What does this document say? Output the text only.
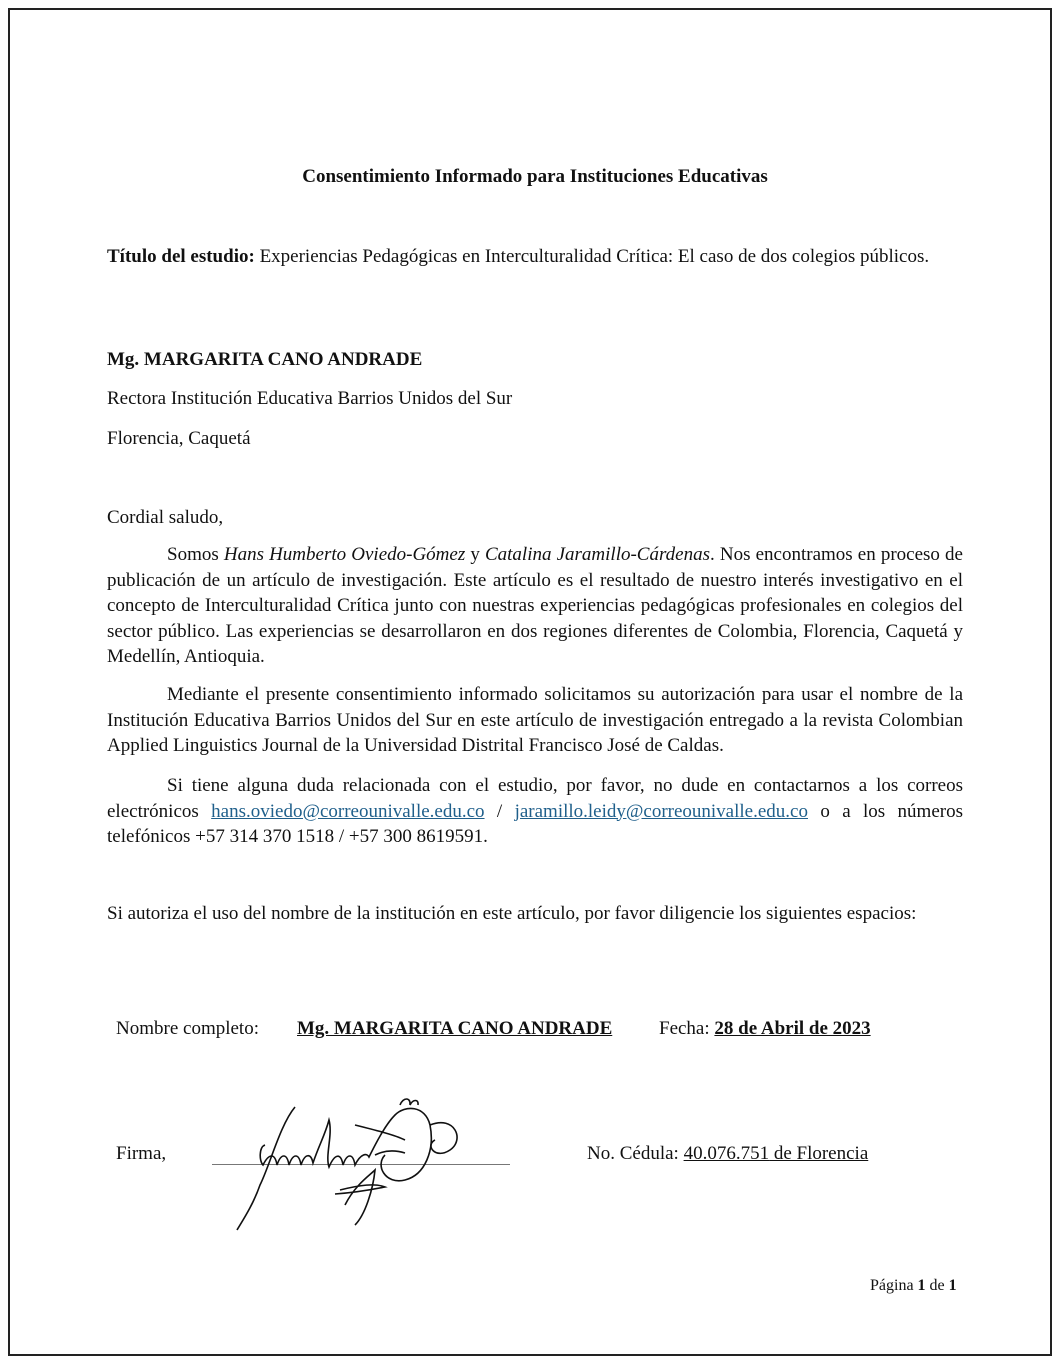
Consentimiento Informado para Instituciones Educativas
Título del estudio: Experiencias Pedagógicas en Interculturalidad Crítica: El caso de dos colegios públicos.
Mg. MARGARITA CANO ANDRADE
Rectora Institución Educativa Barrios Unidos del Sur
Florencia, Caquetá
Cordial saludo,
Somos Hans Humberto Oviedo-Gómez y Catalina Jaramillo-Cárdenas. Nos encontramos en proceso de publicación de un artículo de investigación. Este artículo es el resultado de nuestro interés investigativo en el concepto de Interculturalidad Crítica junto con nuestras experiencias pedagógicas profesionales en colegios del sector público. Las experiencias se desarrollaron en dos regiones diferentes de Colombia, Florencia, Caquetá y Medellín, Antioquia.
Mediante el presente consentimiento informado solicitamos su autorización para usar el nombre de la Institución Educativa Barrios Unidos del Sur en este artículo de investigación entregado a la revista Colombian Applied Linguistics Journal de la Universidad Distrital Francisco José de Caldas.
Si tiene alguna duda relacionada con el estudio, por favor, no dude en contactarnos a los correos electrónicos hans.oviedo@correounivalle.edu.co / jaramillo.leidy@correounivalle.edu.co o a los números telefónicos +57 314 370 1518 / +57 300 8619591.
Si autoriza el uso del nombre de la institución en este artículo, por favor diligencie los siguientes espacios:
Nombre completo: Mg. MARGARITA CANO ANDRADE Fecha: 28 de Abril de 2023
Firma,	No. Cédula: 40.076.751 de Florencia
Página 1 de 1
